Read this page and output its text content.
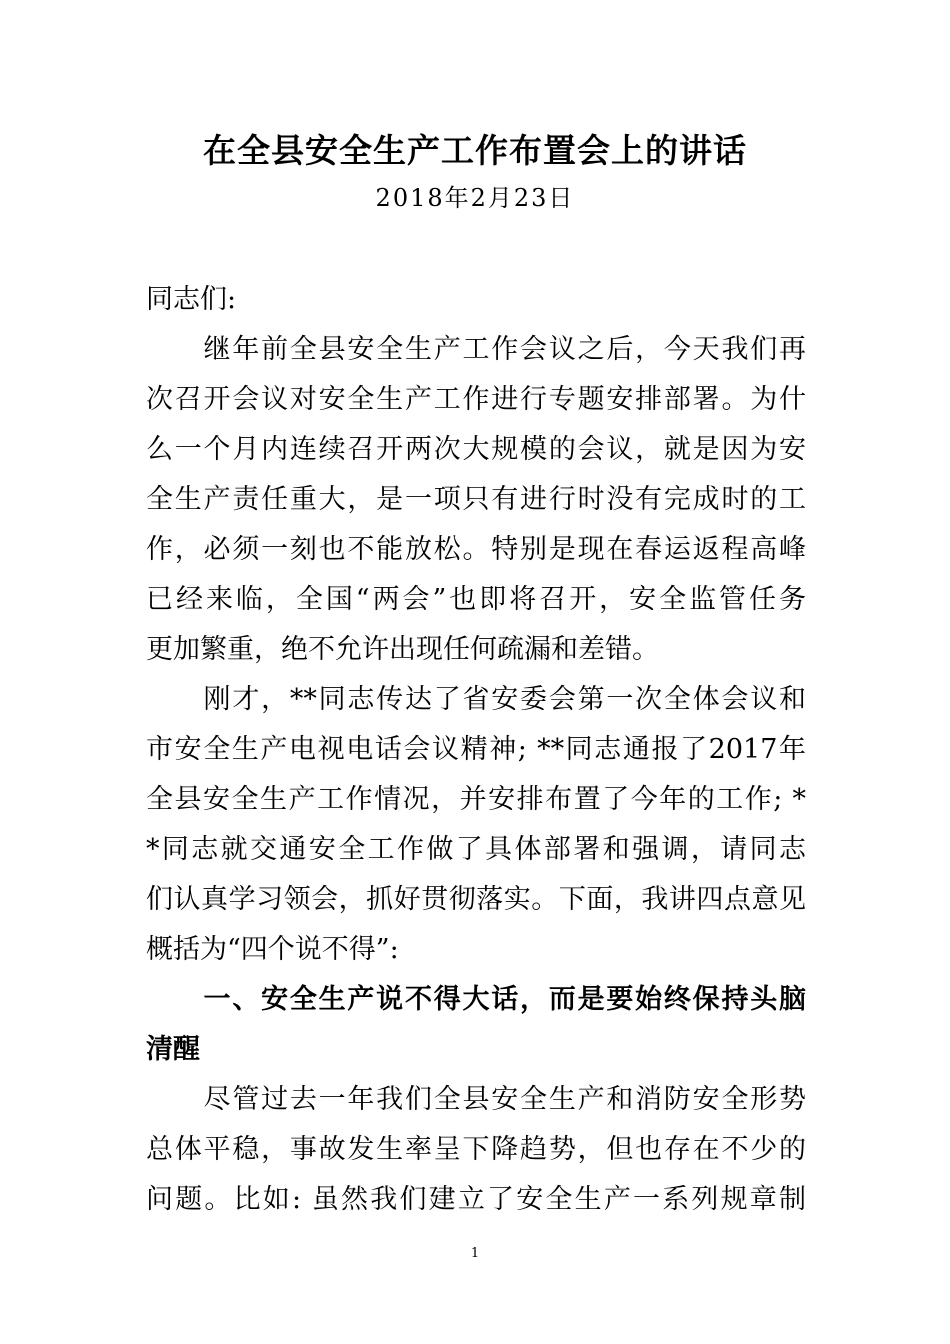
在全县安全生产工作布置会上的讲话
2018年2月23日
同志们:
　　继年前全县安全生产工作会议之后，今天我们再
次召开会议对安全生产工作进行专题安排部署。为什
么一个月内连续召开两次大规模的会议，就是因为安
全生产责任重大，是一项只有进行时没有完成时的工
作，必须一刻也不能放松。特别是现在春运返程高峰
已经来临，全国“两会”也即将召开，安全监管任务
更加繁重，绝不允许出现任何疏漏和差错。
　　刚才，**同志传达了省安委会第一次全体会议和
市安全生产电视电话会议精神; **同志通报了2017年
全县安全生产工作情况，并安排布置了今年的工作; *
*同志就交通安全工作做了具体部署和强调，请同志
们认真学习领会，抓好贯彻落实。下面，我讲四点意见
概括为“四个说不得”:
　　一、安全生产说不得大话，而是要始终保持头脑
清醒
　　尽管过去一年我们全县安全生产和消防安全形势
总体平稳，事故发生率呈下降趋势，但也存在不少的
问题。比如: 虽然我们建立了安全生产一系列规章制
1
